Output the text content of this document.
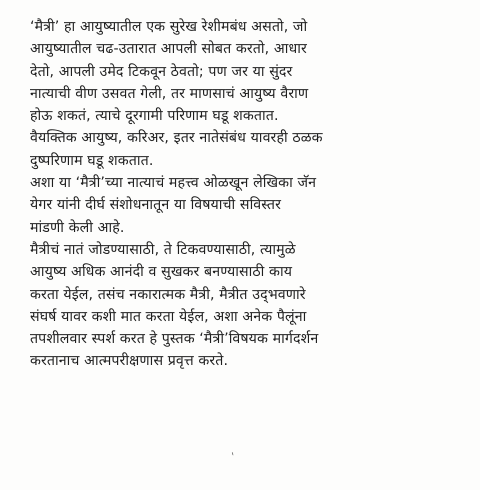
‘मैत्री’ हा आयुष्यातील एक सुरेख रेशीमबंध असतो, जो
आयुष्यातील चढ-उतारात आपली सोबत करतो, आधार
देतो, आपली उमेद टिकवून ठेवतो; पण जर या सुंदर
नात्याची वीण उसवत गेली, तर माणसाचं आयुष्य वैराण
होऊ शकतं, त्याचे दूरगामी परिणाम घडू शकतात.
वैयक्तिक आयुष्य, करिअर, इतर नातेसंबंध यावरही ठळक
दुष्परिणाम घडू शकतात.
अशा या ‘मैत्री’च्या नात्याचं महत्त्व ओळखून लेखिका जॅन
येगर यांनी दीर्घ संशोधनातून या विषयाची सविस्तर
मांडणी केली आहे.
मैत्रीचं नातं जोडण्यासाठी, ते टिकवण्यासाठी, त्यामुळे
आयुष्य अधिक आनंदी व सुखकर बनण्यासाठी काय
करता येईल, तसंच नकारात्मक मैत्री, मैत्रीत उद्‌भवणारे
संघर्ष यावर कशी मात करता येईल, अशा अनेक पैलूंना
तपशीलवार स्पर्श करत हे पुस्तक ‘मैत्री’विषयक मार्गदर्शन
करतानाच आत्मपरीक्षणास प्रवृत्त करते.
ˋ
